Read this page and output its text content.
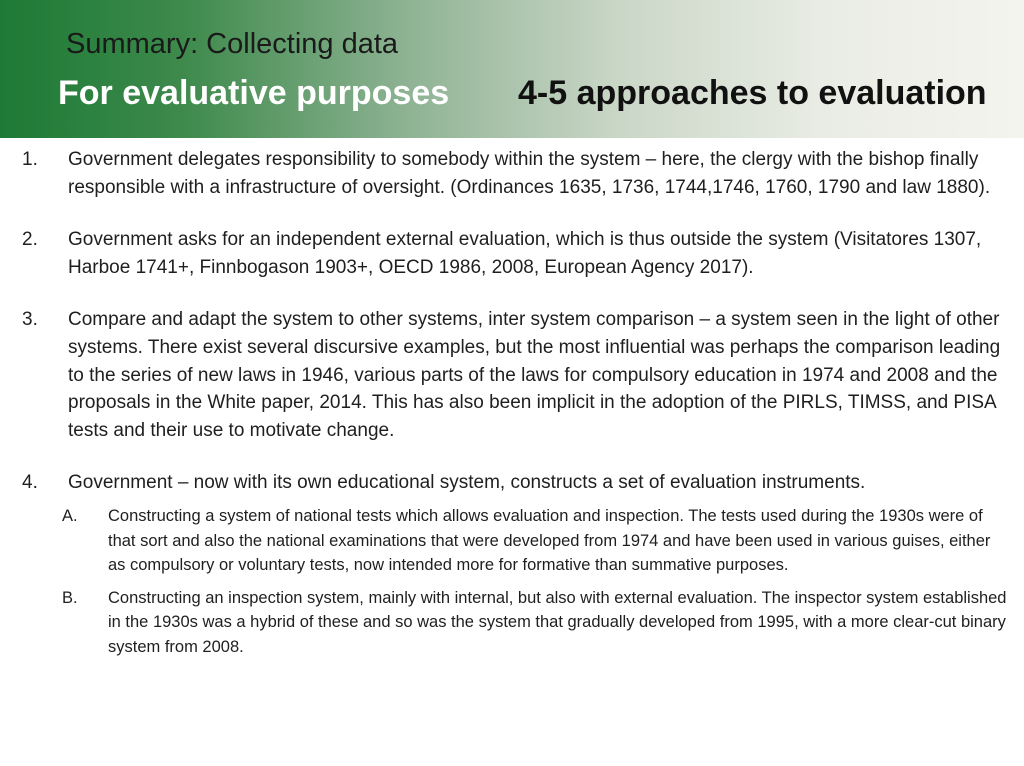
Summary: Collecting data
For evaluative purposes 4-5 approaches to evaluation
1. Government delegates responsibility to somebody within the system – here, the clergy with the bishop finally responsible with a infrastructure of oversight. (Ordinances 1635, 1736, 1744,1746, 1760, 1790 and law 1880).
2. Government asks for an independent external evaluation, which is thus outside the system (Visitatores 1307, Harboe 1741+, Finnbogason 1903+, OECD 1986, 2008, European Agency 2017).
3. Compare and adapt the system to other systems, inter system comparison – a system seen in the light of other systems. There exist several discursive examples, but the most influential was perhaps the comparison leading to the series of new laws in 1946, various parts of the laws for compulsory education in 1974 and 2008 and the proposals in the White paper, 2014. This has also been implicit in the adoption of the PIRLS, TIMSS, and PISA tests and their use to motivate change.
4. Government – now with its own educational system, constructs a set of evaluation instruments.
A. Constructing a system of national tests which allows evaluation and inspection. The tests used during the 1930s were of that sort and also the national examinations that were developed from 1974 and have been used in various guises, either as compulsory or voluntary tests, now intended more for formative than summative purposes.
B. Constructing an inspection system, mainly with internal, but also with external evaluation. The inspector system established in the 1930s was a hybrid of these and so was the system that gradually developed from 1995, with a more clear-cut binary system from 2008.
